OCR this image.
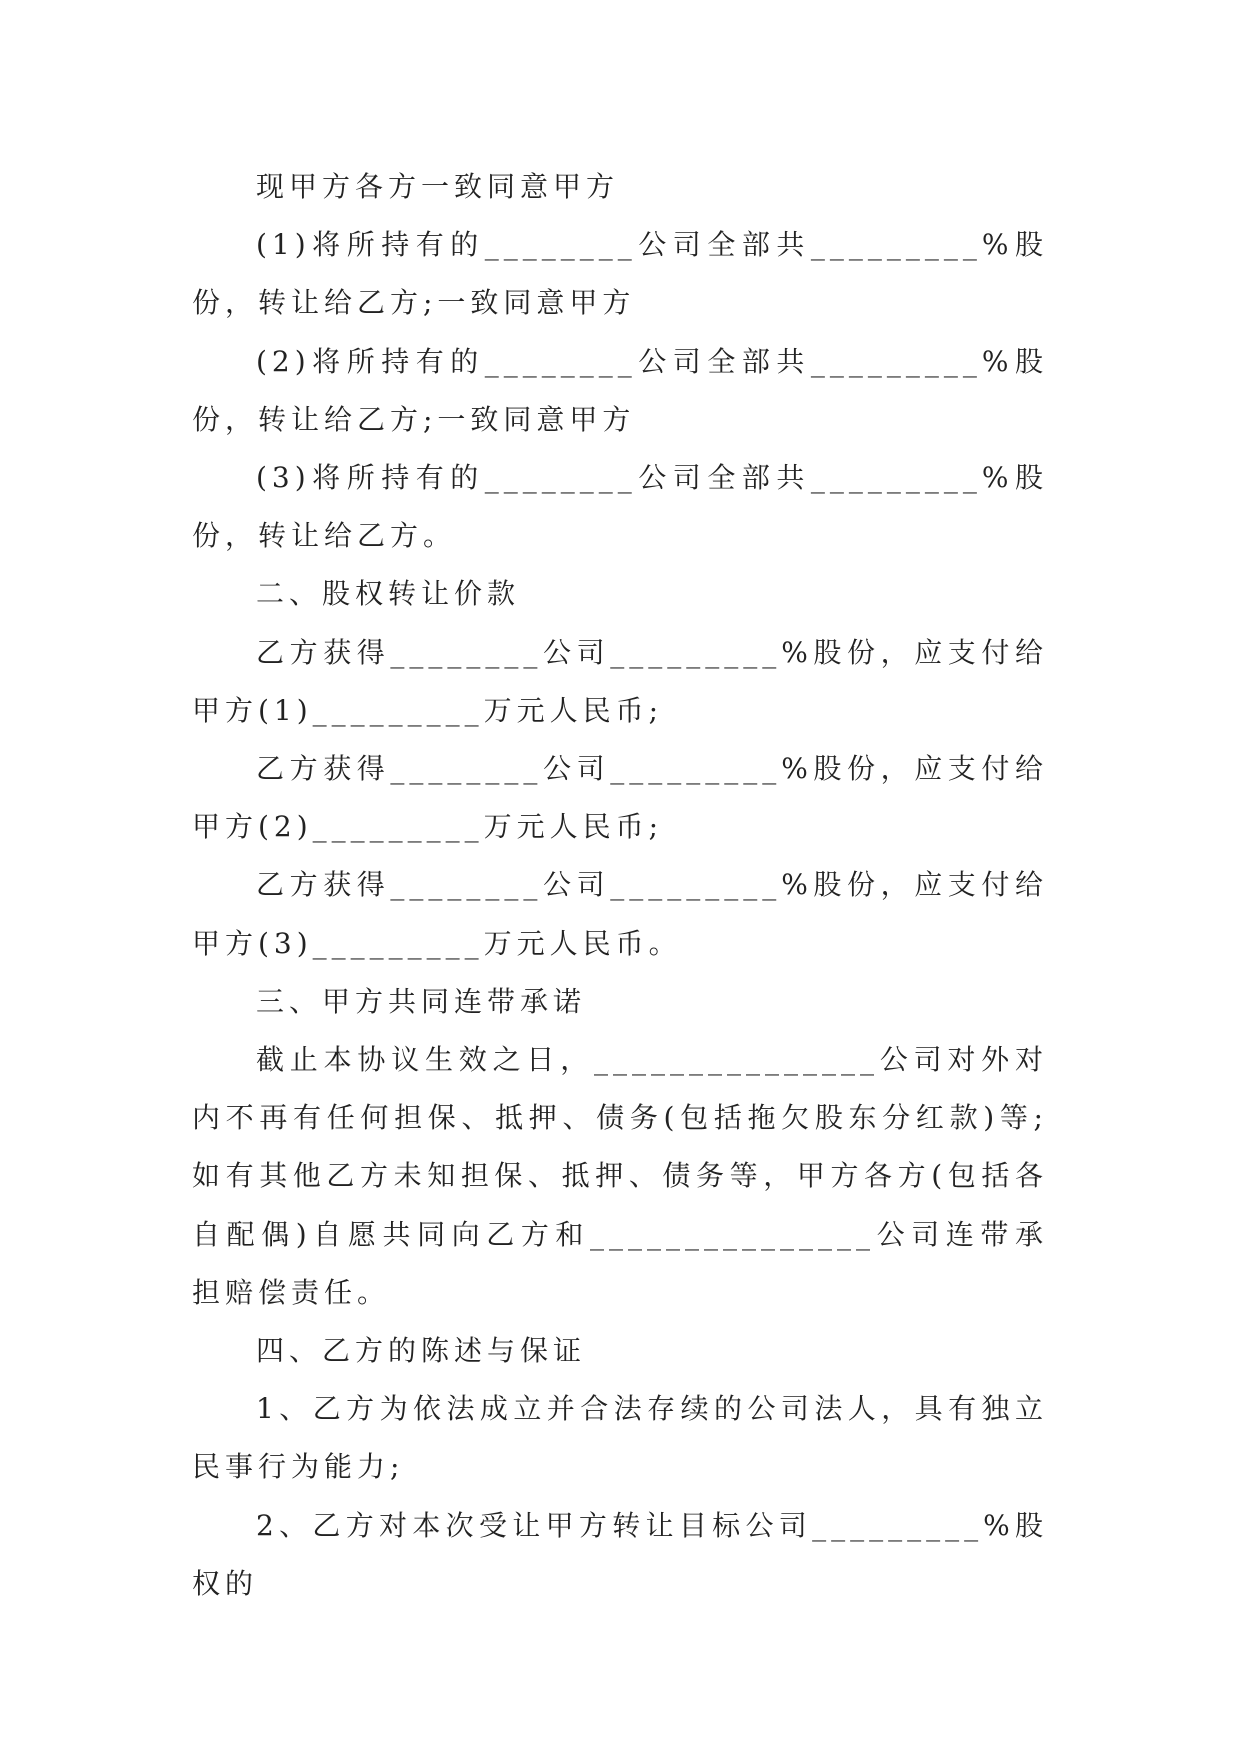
现甲方各方一致同意甲方

(1)将所持有的________公司全部共_________%股份，转让给乙方;一致同意甲方

(2)将所持有的________公司全部共_________%股份，转让给乙方;一致同意甲方

(3)将所持有的________公司全部共_________%股份，转让给乙方。

二、股权转让价款

乙方获得________公司_________%股份，应支付给甲方(1)_________万元人民币;

乙方获得________公司_________%股份，应支付给甲方(2)_________万元人民币;

乙方获得________公司_________%股份，应支付给甲方(3)_________万元人民币。

三、甲方共同连带承诺

截止本协议生效之日，_______________公司对外对内不再有任何担保、抵押、债务(包括拖欠股东分红款)等;如有其他乙方未知担保、抵押、债务等，甲方各方(包括各自配偶)自愿共同向乙方和_______________公司连带承担赔偿责任。

四、乙方的陈述与保证

1、乙方为依法成立并合法存续的公司法人，具有独立民事行为能力;

2、乙方对本次受让甲方转让目标公司_________%股权的
